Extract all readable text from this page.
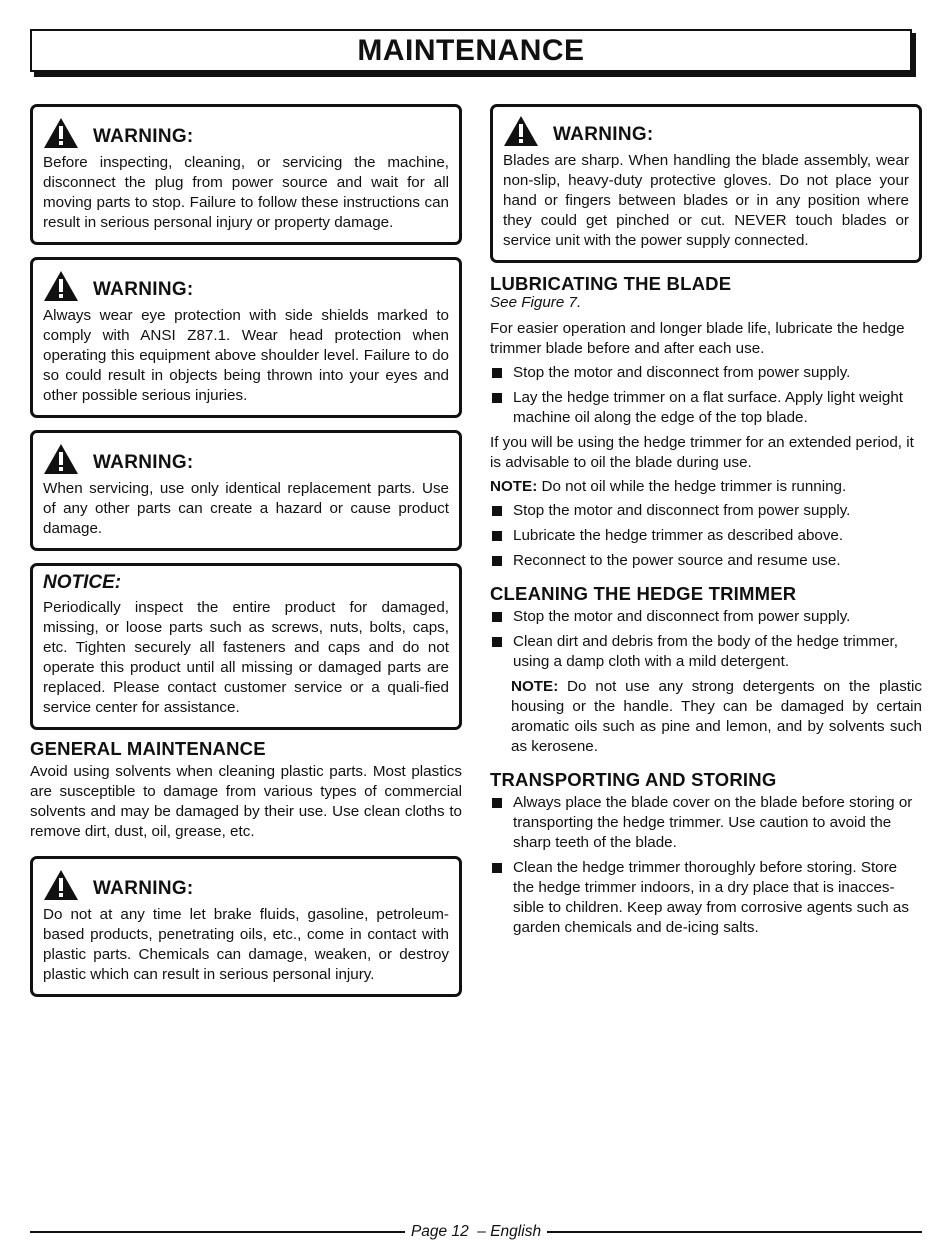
MAINTENANCE
WARNING:
Before inspecting, cleaning, or servicing the machine, disconnect the plug from power source and wait for all moving parts to stop. Failure to follow these instructions can result in serious personal injury or property damage.
WARNING:
Always wear eye protection with side shields marked to comply with ANSI Z87.1. Wear head protection when operating this equipment above shoulder level. Failure to do so could result in objects being thrown into your eyes and other possible serious injuries.
WARNING:
When servicing, use only identical replacement parts. Use of any other parts can create a hazard or cause product damage.
NOTICE:
Periodically inspect the entire product for damaged, missing, or loose parts such as screws, nuts, bolts, caps, etc. Tighten securely all fasteners and caps and do not operate this product until all missing or damaged parts are replaced. Please contact customer service or a quali-fied service center for assistance.
GENERAL MAINTENANCE
Avoid using solvents when cleaning plastic parts. Most plastics are susceptible to damage from various types of commercial solvents and may be damaged by their use. Use clean cloths to remove dirt, dust, oil, grease, etc.
WARNING:
Do not at any time let brake fluids, gasoline, petroleum-based products, penetrating oils, etc., come in contact with plastic parts. Chemicals can damage, weaken, or destroy plastic which can result in serious personal injury.
WARNING:
Blades are sharp. When handling the blade assembly, wear non-slip, heavy-duty protective gloves. Do not place your hand or fingers between blades or in any position where they could get pinched or cut. NEVER touch blades or service unit with the power supply connected.
LUBRICATING THE BLADE
See Figure 7.
For easier operation and longer blade life, lubricate the hedge trimmer blade before and after each use.
Stop the motor and disconnect from power supply.
Lay the hedge trimmer on a flat surface. Apply light weight machine oil along the edge of the top blade.
If you will be using the hedge trimmer for an extended period, it is advisable to oil the blade during use.
NOTE: Do not oil while the hedge trimmer is running.
Stop the motor and disconnect from power supply.
Lubricate the hedge trimmer as described above.
Reconnect to the power source and resume use.
CLEANING THE HEDGE TRIMMER
Stop the motor and disconnect from power supply.
Clean dirt and debris from the body of the hedge trimmer, using a damp cloth with a mild detergent.
NOTE: Do not use any strong detergents on the plastic housing or the handle. They can be damaged by certain aromatic oils such as pine and lemon, and by solvents such as kerosene.
TRANSPORTING AND STORING
Always place the blade cover on the blade before storing or transporting the hedge trimmer. Use caution to avoid the sharp teeth of the blade.
Clean the hedge trimmer thoroughly before storing. Store the hedge trimmer indoors, in a dry place that is inacces-sible to children. Keep away from corrosive agents such as garden chemicals and de-icing salts.
Page 12  – English
